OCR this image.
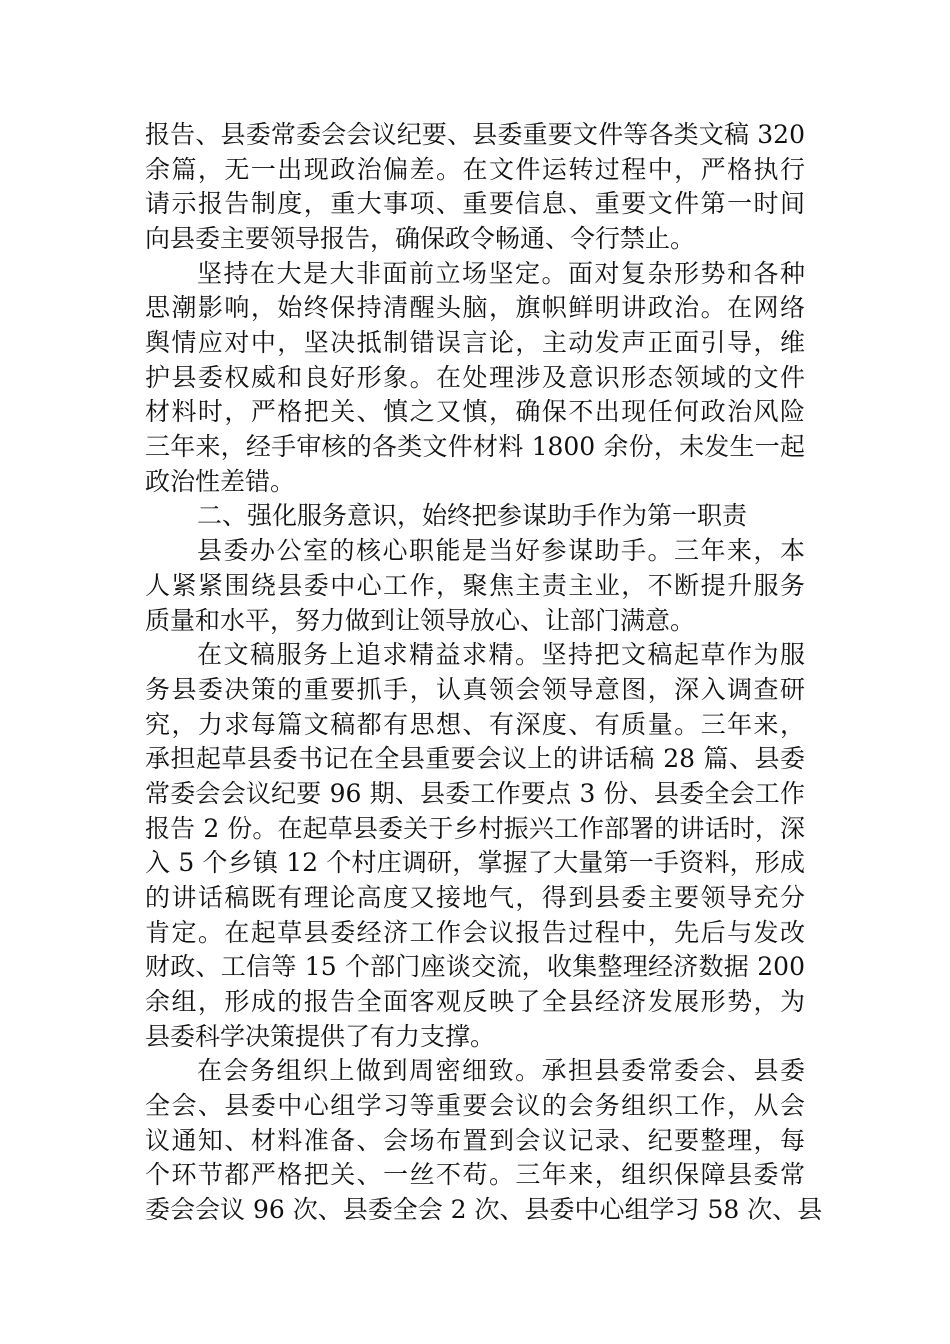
报告、县委常委会会议纪要、县委重要文件等各类文稿 320
余篇，无一出现政治偏差。在文件运转过程中，严格执行
请示报告制度，重大事项、重要信息、重要文件第一时间
向县委主要领导报告，确保政令畅通、令行禁止。
坚持在大是大非面前立场坚定。面对复杂形势和各种
思潮影响，始终保持清醒头脑，旗帜鲜明讲政治。在网络
舆情应对中，坚决抵制错误言论，主动发声正面引导，维
护县委权威和良好形象。在处理涉及意识形态领域的文件
材料时，严格把关、慎之又慎，确保不出现任何政治风险
三年来，经手审核的各类文件材料 1800 余份，未发生一起
政治性差错。
二、强化服务意识，始终把参谋助手作为第一职责
县委办公室的核心职能是当好参谋助手。三年来，本
人紧紧围绕县委中心工作，聚焦主责主业，不断提升服务
质量和水平，努力做到让领导放心、让部门满意。
在文稿服务上追求精益求精。坚持把文稿起草作为服
务县委决策的重要抓手，认真领会领导意图，深入调查研
究，力求每篇文稿都有思想、有深度、有质量。三年来，
承担起草县委书记在全县重要会议上的讲话稿 28 篇、县委
常委会会议纪要 96 期、县委工作要点 3 份、县委全会工作
报告 2 份。在起草县委关于乡村振兴工作部署的讲话时，深
入 5 个乡镇 12 个村庄调研，掌握了大量第一手资料，形成
的讲话稿既有理论高度又接地气，得到县委主要领导充分
肯定。在起草县委经济工作会议报告过程中，先后与发改
财政、工信等 15 个部门座谈交流，收集整理经济数据 200
余组，形成的报告全面客观反映了全县经济发展形势，为
县委科学决策提供了有力支撑。
在会务组织上做到周密细致。承担县委常委会、县委
全会、县委中心组学习等重要会议的会务组织工作，从会
议通知、材料准备、会场布置到会议记录、纪要整理，每
个环节都严格把关、一丝不苟。三年来，组织保障县委常
委会会议 96 次、县委全会 2 次、县委中心组学习 58 次、县
